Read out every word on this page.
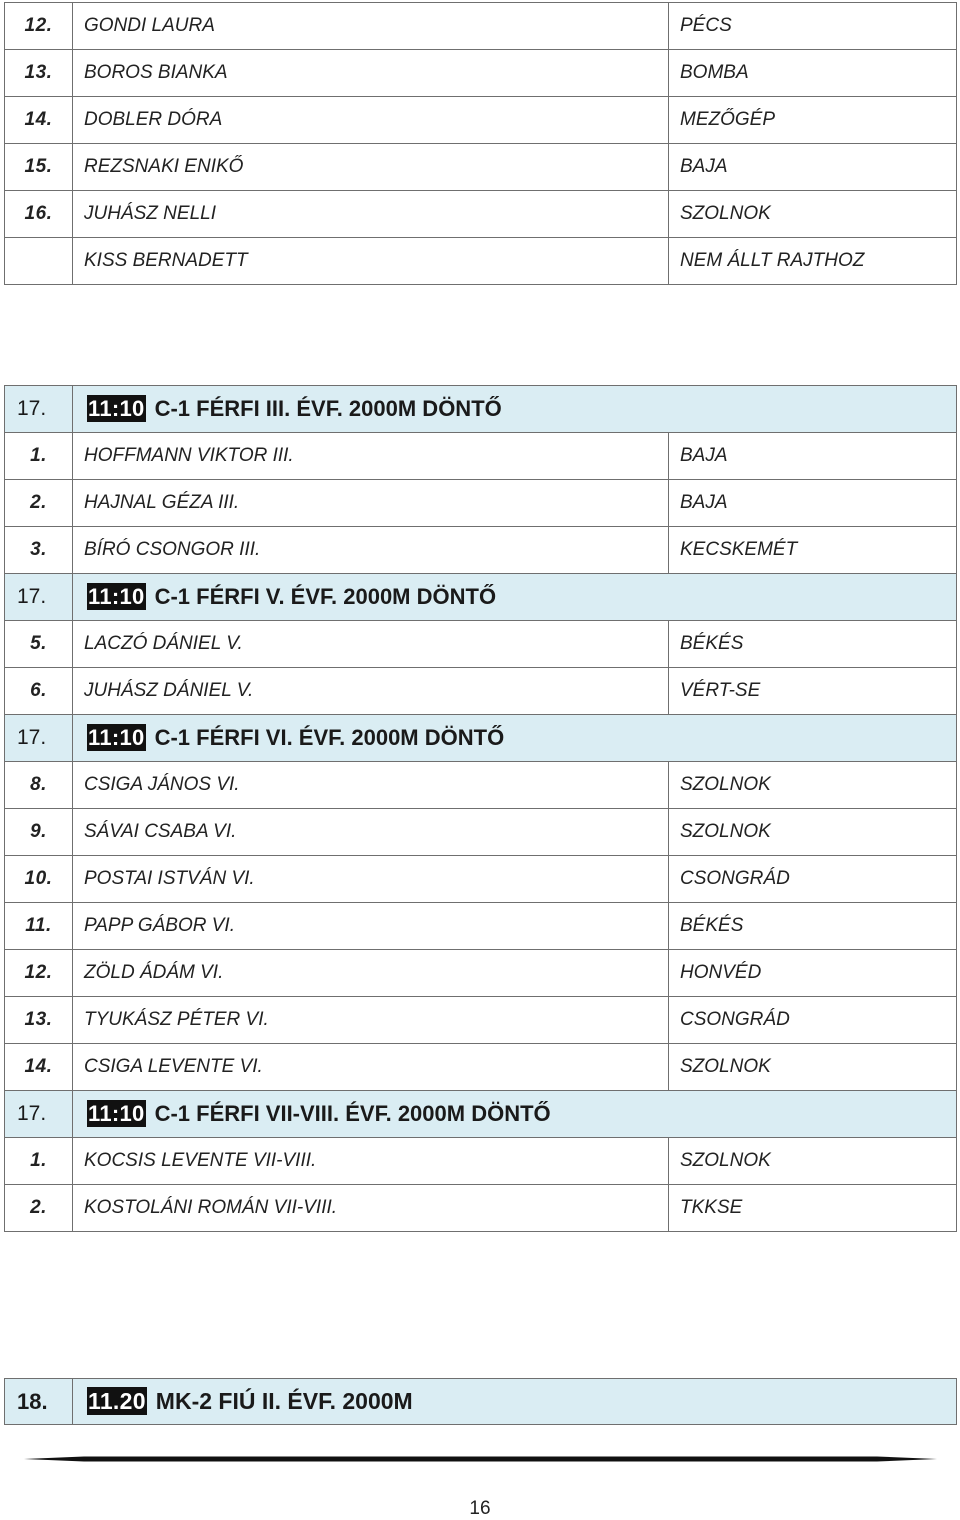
12.	GONDI LAURA	PÉCS
13.	BOROS BIANKA	BOMBA
14.	DOBLER DÓRA	MEZŐGÉP
15.	REZSNAKI ENIKŐ	BAJA
16.	JUHÁSZ NELLI	SZOLNOK
	KISS BERNADETT	NEM ÁLLT RAJTHOZ
17.	11:10 C-1 FÉRFI III. ÉVF. 2000M DÖNTŐ	
1.	HOFFMANN VIKTOR III.	BAJA
2.	HAJNAL GÉZA III.	BAJA
3.	BÍRÓ CSONGOR III.	KECSKEMÉT
17.	11:10 C-1 FÉRFI V. ÉVF. 2000M DÖNTŐ	
5.	LACZÓ DÁNIEL V.	BÉKÉS
6.	JUHÁSZ DÁNIEL V.	VÉRT-SE
17.	11:10 C-1 FÉRFI VI. ÉVF. 2000M DÖNTŐ	
8.	CSIGA JÁNOS VI.	SZOLNOK
9.	SÁVAI CSABA VI.	SZOLNOK
10.	POSTAI ISTVÁN VI.	CSONGRÁD
11.	PAPP GÁBOR VI.	BÉKÉS
12.	ZÖLD ÁDÁM VI.	HONVÉD
13.	TYUKÁSZ PÉTER VI.	CSONGRÁD
14.	CSIGA LEVENTE VI.	SZOLNOK
17.	11:10 C-1 FÉRFI VII-VIII. ÉVF. 2000M DÖNTŐ	
1.	KOCSIS LEVENTE VII-VIII.	SZOLNOK
2.	KOSTOLÁNI ROMÁN VII-VIII.	TKKSE
18.	11.20 MK-2 FIÚ II. ÉVF. 2000M
16
